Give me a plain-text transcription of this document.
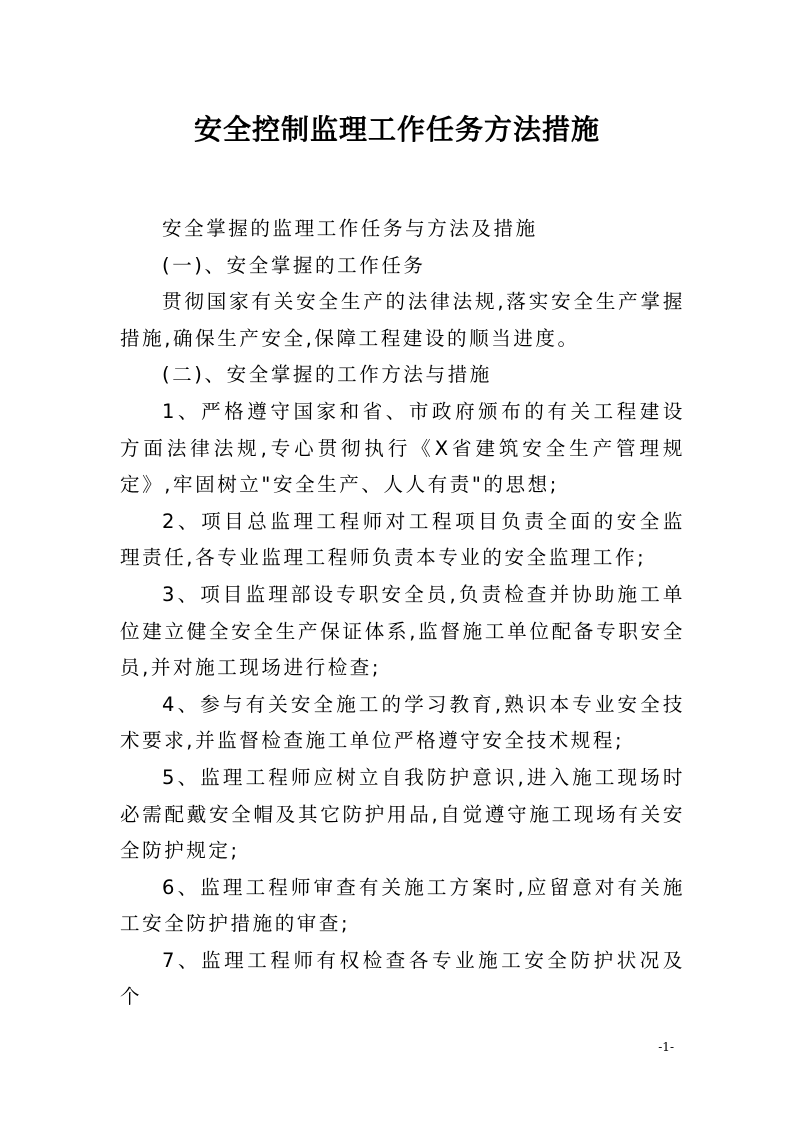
安全控制监理工作任务方法措施

安全掌握的监理工作任务与方法及措施

(一)、安全掌握的工作任务

贯彻国家有关安全生产的法律法规,落实安全生产掌握措施,确保生产安全,保障工程建设的顺当进度。

(二)、安全掌握的工作方法与措施

1、严格遵守国家和省、市政府颁布的有关工程建设方面法律法规,专心贯彻执行《X省建筑安全生产管理规定》,牢固树立"安全生产、人人有责"的思想;

2、项目总监理工程师对工程项目负责全面的安全监理责任,各专业监理工程师负责本专业的安全监理工作;

3、项目监理部设专职安全员,负责检查并协助施工单位建立健全安全生产保证体系,监督施工单位配备专职安全员,并对施工现场进行检查;

4、参与有关安全施工的学习教育,熟识本专业安全技术要求,并监督检查施工单位严格遵守安全技术规程;

5、监理工程师应树立自我防护意识,进入施工现场时必需配戴安全帽及其它防护用品,自觉遵守施工现场有关安全防护规定;

6、监理工程师审查有关施工方案时,应留意对有关施工安全防护措施的审查;

7、监理工程师有权检查各专业施工安全防护状况及个

-1-
